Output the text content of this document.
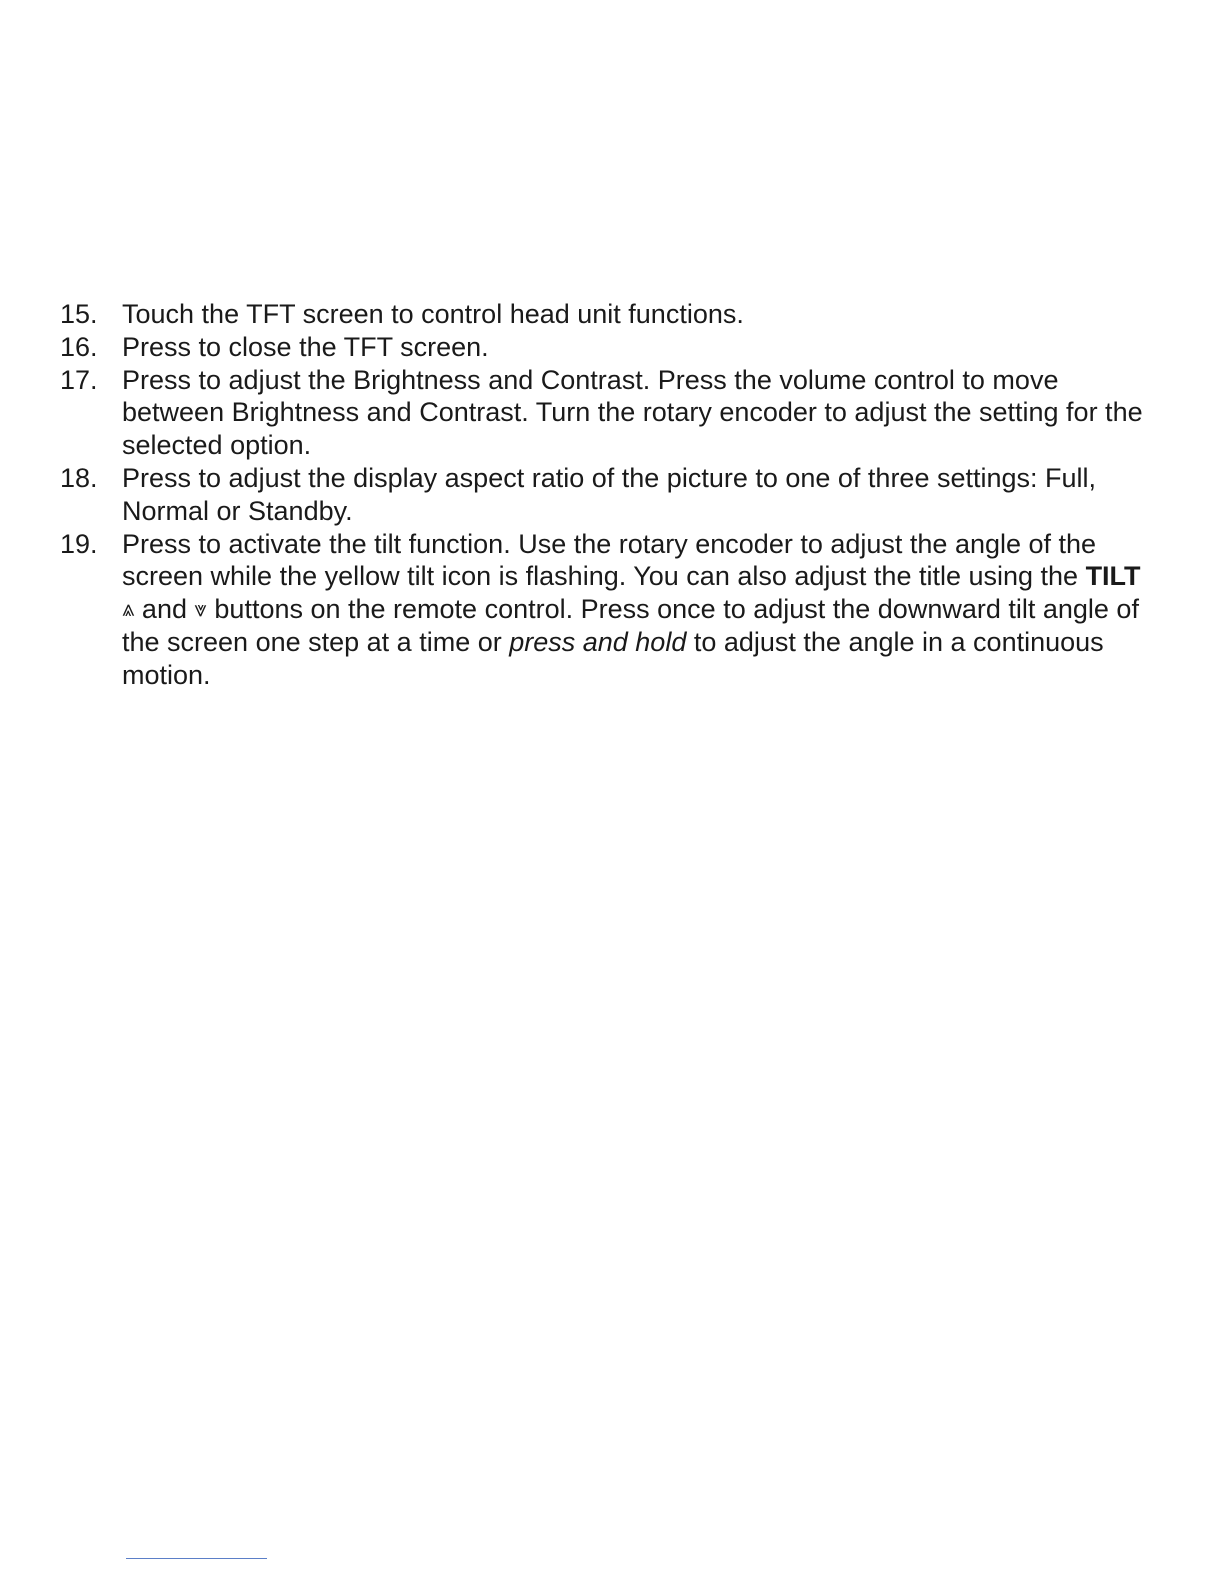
15. Touch the TFT screen to control head unit functions.
16. Press to close the TFT screen.
17. Press to adjust the Brightness and Contrast. Press the volume control to move between Brightness and Contrast. Turn the rotary encoder to adjust the setting for the selected option.
18. Press to adjust the display aspect ratio of the picture to one of three settings: Full, Normal or Standby.
19. Press to activate the tilt function. Use the rotary encoder to adjust the angle of the screen while the yellow tilt icon is flashing. You can also adjust the title using the TILT ⩓ and ⩔ buttons on the remote control. Press once to adjust the downward tilt angle of the screen one step at a time or press and hold to adjust the angle in a continuous motion.
